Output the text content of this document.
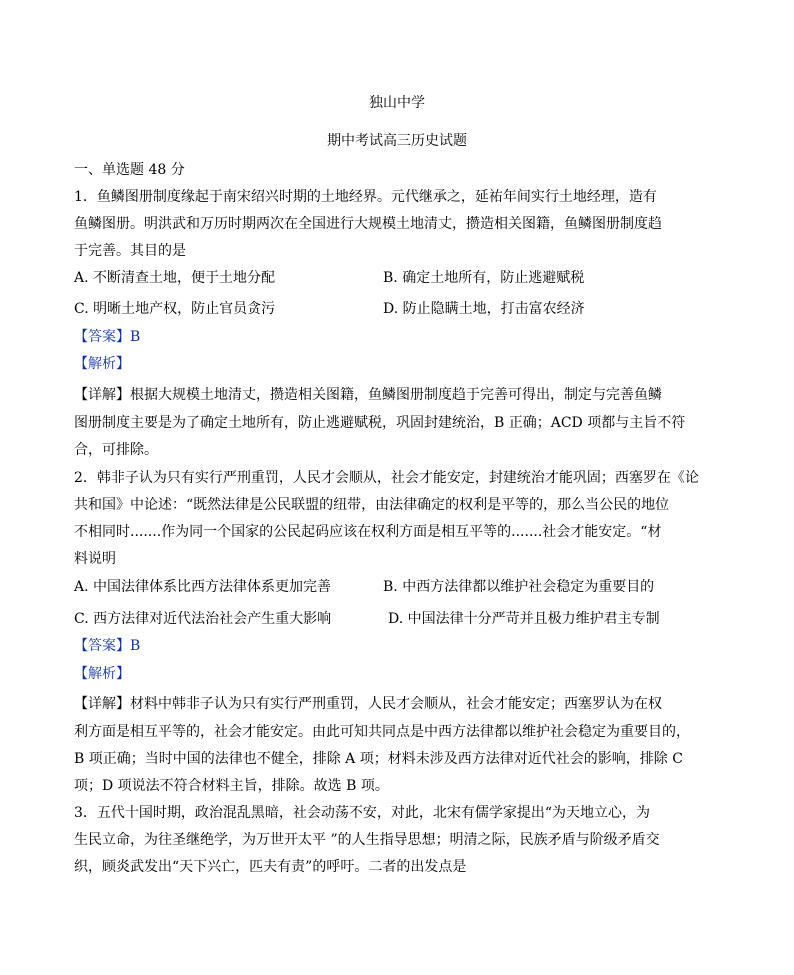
独山中学
期中考试高三历史试题
一、单选题 48 分
1．鱼鳞图册制度缘起于南宋绍兴时期的土地经界。元代继承之，延祐年间实行土地经理，造有
鱼鳞图册。明洪武和万历时期两次在全国进行大规模土地清丈，攒造相关图籍，鱼鳞图册制度趋
于完善。其目的是
A. 不断清查土地，便于土地分配	B. 确定土地所有，防止逃避赋税
C. 明晰土地产权，防止官员贪污	D. 防止隐瞒土地，打击富农经济
【答案】B
【解析】
【详解】根据大规模土地清丈，攒造相关图籍，鱼鳞图册制度趋于完善可得出，制定与完善鱼鳞
图册制度主要是为了确定土地所有，防止逃避赋税，巩固封建统治，B 正确；ACD 项都与主旨不符
合，可排除。
2．韩非子认为只有实行严刑重罚，人民才会顺从，社会才能安定，封建统治才能巩固；西塞罗在《论
共和国》中论述：“既然法律是公民联盟的纽带，由法律确定的权利是平等的，那么当公民的地位
不相同时.......作为同一个国家的公民起码应该在权利方面是相互平等的.......社会才能安定。“材
料说明
A. 中国法律体系比西方法律体系更加完善	B. 中西方法律都以维护社会稳定为重要目的
C. 西方法律对近代法治社会产生重大影响	D. 中国法律十分严苛并且极力维护君主专制
【答案】B
【解析】
【详解】材料中韩非子认为只有实行严刑重罚，人民才会顺从，社会才能安定；西塞罗认为在权
利方面是相互平等的，社会才能安定。由此可知共同点是中西方法律都以维护社会稳定为重要目的，
B 项正确；当时中国的法律也不健全，排除 A 项；材料未涉及西方法律对近代社会的影响，排除 C
项；D 项说法不符合材料主旨，排除。故选 B 项。
3．五代十国时期，政治混乱黑暗，社会动荡不安，对此，北宋有儒学家提出“为天地立心，为
生民立命，为往圣继绝学，为万世开太平 ”的人生指导思想；明清之际，民族矛盾与阶级矛盾交
织，顾炎武发出“天下兴亡，匹夫有责”的呼吁。二者的出发点是
